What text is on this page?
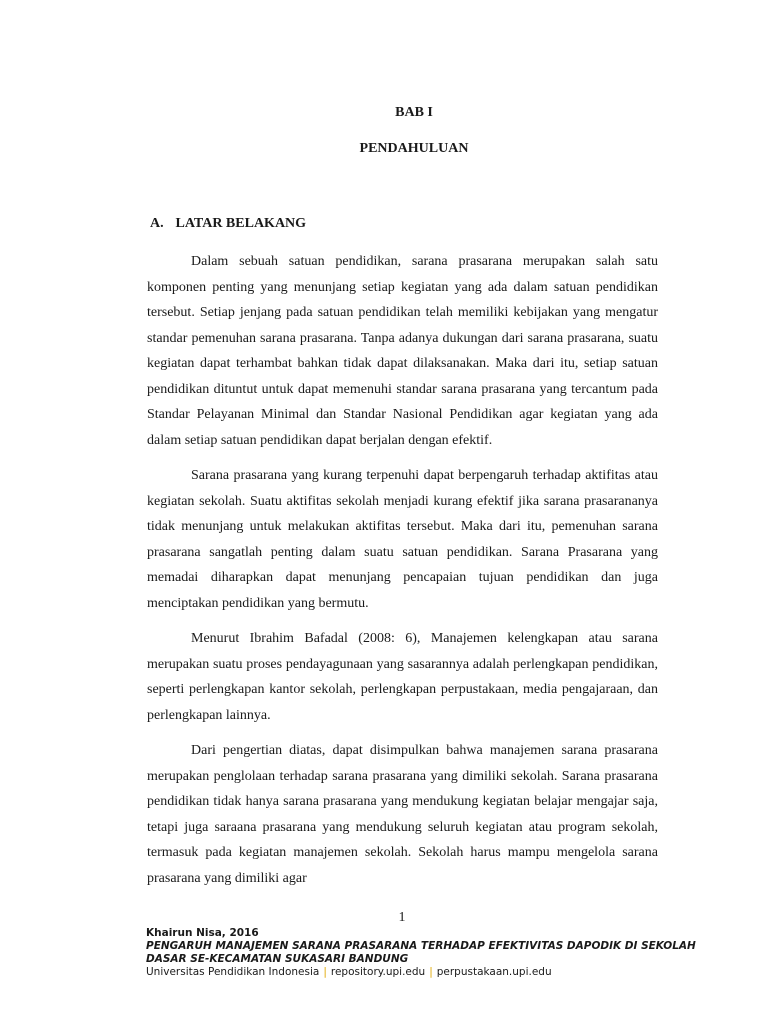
BAB I
PENDAHULUAN
A. LATAR BELAKANG

Dalam sebuah satuan pendidikan, sarana prasarana merupakan salah satu komponen penting yang menunjang setiap kegiatan yang ada dalam satuan pendidikan tersebut. Setiap jenjang pada satuan pendidikan telah memiliki kebijakan yang mengatur standar pemenuhan sarana prasarana. Tanpa adanya dukungan dari sarana prasarana, suatu kegiatan dapat terhambat bahkan tidak dapat dilaksanakan. Maka dari itu, setiap satuan pendidikan dituntut untuk dapat memenuhi standar sarana prasarana yang tercantum pada Standar Pelayanan Minimal dan Standar Nasional Pendidikan agar kegiatan yang ada dalam setiap satuan pendidikan dapat berjalan dengan efektif.

Sarana prasarana yang kurang terpenuhi dapat berpengaruh terhadap aktifitas atau kegiatan sekolah. Suatu aktifitas sekolah menjadi kurang efektif jika sarana prasarananya tidak menunjang untuk melakukan aktifitas tersebut. Maka dari itu, pemenuhan sarana prasarana sangatlah penting dalam suatu satuan pendidikan. Sarana Prasarana yang memadai diharapkan dapat menunjang pencapaian tujuan pendidikan dan juga menciptakan pendidikan yang bermutu.

Menurut Ibrahim Bafadal (2008: 6), Manajemen kelengkapan atau sarana merupakan suatu proses pendayagunaan yang sasarannya adalah perlengkapan pendidikan, seperti perlengkapan kantor sekolah, perlengkapan perpustakaan, media pengajaraan, dan perlengkapan lainnya.

Dari pengertian diatas, dapat disimpulkan bahwa manajemen sarana prasarana merupakan penglolaan terhadap sarana prasarana yang dimiliki sekolah. Sarana prasarana pendidikan tidak hanya sarana prasarana yang mendukung kegiatan belajar mengajar saja, tetapi juga saraana prasarana yang mendukung seluruh kegiatan atau program sekolah, termasuk pada kegiatan manajemen sekolah. Sekolah harus mampu mengelola sarana prasarana yang dimiliki agar

1
Khairun Nisa, 2016
PENGARUH MANAJEMEN SARANA PRASARANA TERHADAP EFEKTIVITAS DAPODIK DI SEKOLAH
DASAR SE-KECAMATAN SUKASARI BANDUNG
Universitas Pendidikan Indonesia | repository.upi.edu | perpustakaan.upi.edu
